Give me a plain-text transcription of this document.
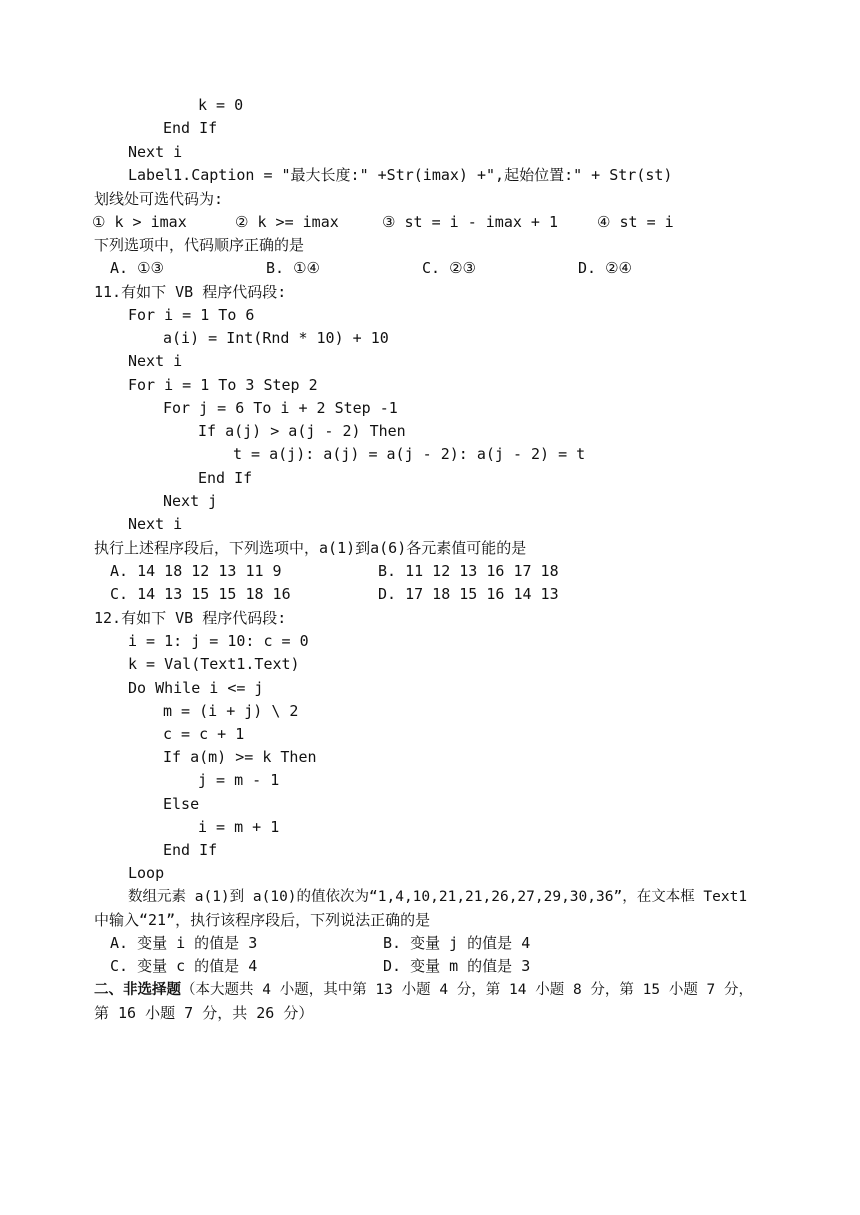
k = 0
End If
Next i
Label1.Caption = "最大长度:" +Str(imax) +",起始位置:" + Str(st)
划线处可选代码为:
① k > imax	② k >= imax	③ st = i - imax + 1	④ st = i
下列选项中，代码顺序正确的是
A. ①③	B. ①④	C. ②③	D. ②④
11.有如下 VB 程序代码段:
For i = 1 To 6
a(i) = Int(Rnd * 10) + 10
Next i
For i = 1 To 3 Step 2
For j = 6 To i + 2 Step -1
If a(j) > a(j - 2) Then
t = a(j): a(j) = a(j - 2): a(j - 2) = t
End If
Next j
Next i
执行上述程序段后，下列选项中，a(1)到a(6)各元素值可能的是
A. 14 18 12 13 11 9	B. 11 12 13 16 17 18
C. 14 13 15 15 18 16	D. 17 18 15 16 14 13
12.有如下 VB 程序代码段:
i = 1: j = 10: c = 0
k = Val(Text1.Text)
Do While i <= j
m = (i + j) \ 2
c = c + 1
If a(m) >= k Then
j = m - 1
Else
i = m + 1
End If
Loop
数组元素 a(1)到 a(10)的值依次为“1,4,10,21,21,26,27,29,30,36”，在文本框 Text1
中输入“21”，执行该程序段后，下列说法正确的是
A. 变量 i 的值是 3	B. 变量 j 的值是 4
C. 变量 c 的值是 4	D. 变量 m 的值是 3
二、非选择题（本大题共 4 小题，其中第 13 小题 4 分，第 14 小题 8 分，第 15 小题 7 分，
第 16 小题 7 分，共 26 分）
